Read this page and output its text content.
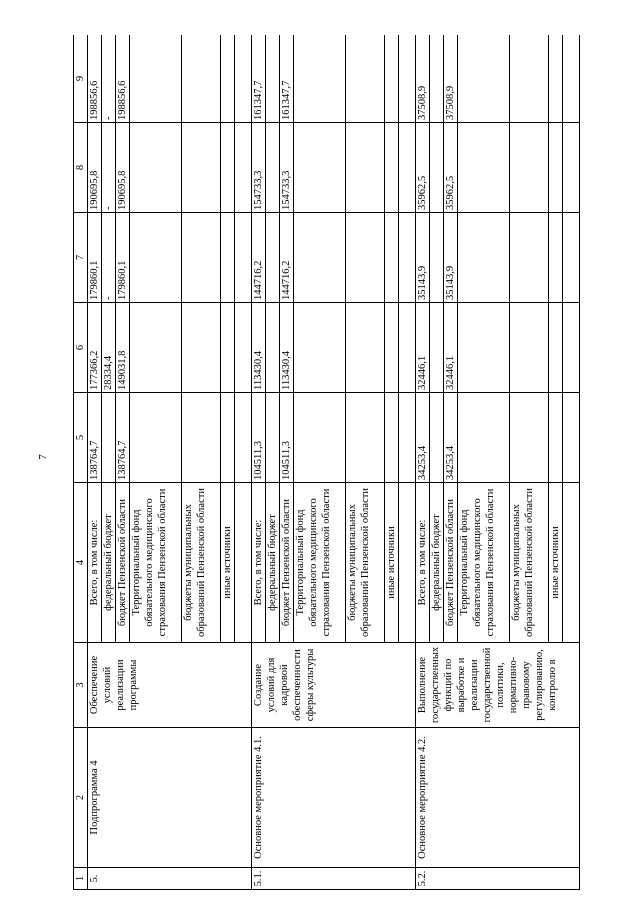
7
1	2	3	4	5	6	7	8	9
5.	Подпрограмма 4	Обеспечение условий реализации программы	Всего, в том числе:	138764,7	177366,2	179860,1	190695,8	198856,6
			федеральный бюджет		28334,4	-	-	-
			бюджет Пензенской области	138764,7	149031,8	179860,1	190695,8	198856,6
			Территориальный фонд обязательного медицинского страхования Пензенской области					
			бюджеты муниципальных образований Пензенской области					
			иные источники					

5.1.	Основное мероприятие 4.1.	Создание условий для кадровой обеспеченности сферы культуры	Всего, в том числе:	104511,3	113430,4	144716,2	154733,3	161347,7
			федеральный бюджет					
			бюджет Пензенской области	104511,3	113430,4	144716,2	154733,3	161347,7
			Территориальный фонд обязательного медицинского страхования Пензенской области					
			бюджеты муниципальных образований Пензенской области					
			иные источники					

5.2.	Основное мероприятие 4.2.	Выполнение государственных функций по выработке и реализации государственной политики, нормативно-правовому регулированию, контролю в	Всего, в том числе:	34253,4	32446,1	35143,9	35962,5	37508,9
			федеральный бюджет					
			бюджет Пензенской области	34253,4	32446,1	35143,9	35962,5	37508,9
			Территориальный фонд обязательного медицинского страхования Пензенской области					
			бюджеты муниципальных образований Пензенской области					
			иные источники					
